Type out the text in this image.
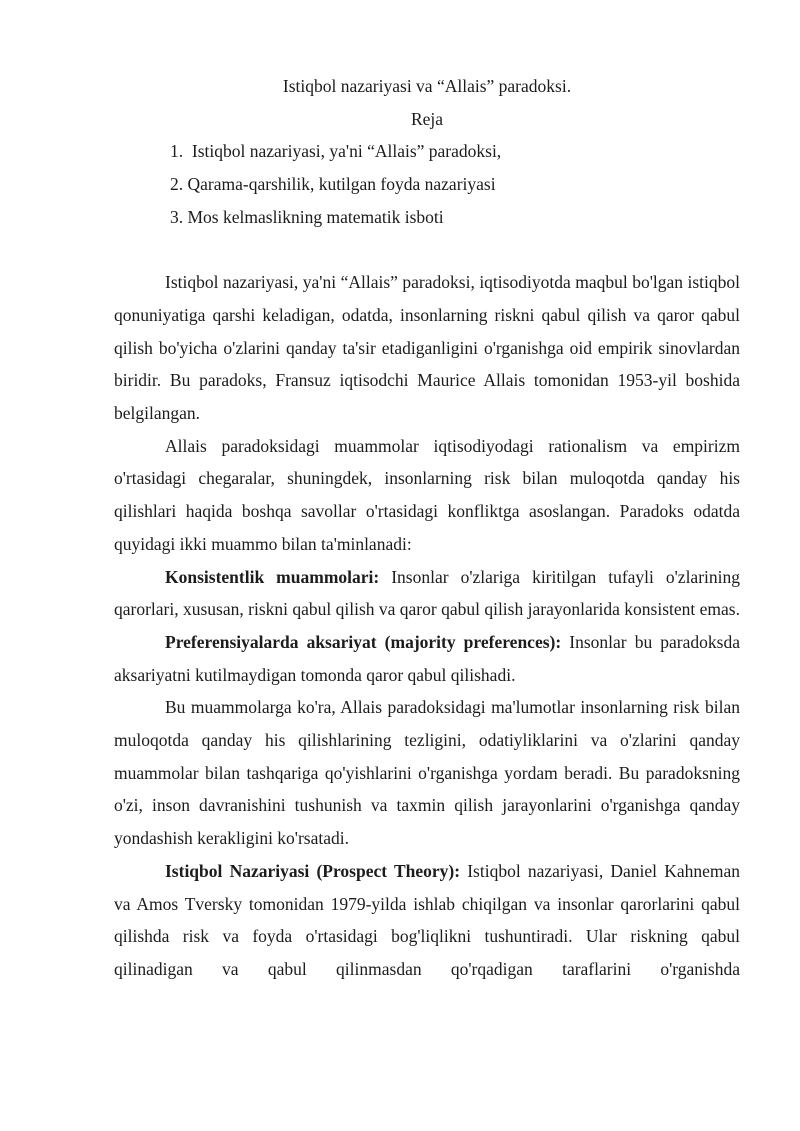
Istiqbol nazariyasi va “Allais” paradoksi.
Reja
1.  Istiqbol nazariyasi, ya'ni “Allais” paradoksi,
2. Qarama-qarshilik, kutilgan foyda nazariyasi
3. Mos kelmaslikning matematik isboti

Istiqbol nazariyasi, ya'ni “Allais” paradoksi, iqtisodiyotda maqbul bo'lgan istiqbol qonuniyatiga qarshi keladigan, odatda, insonlarning riskni qabul qilish va qaror qabul qilish bo'yicha o'zlarini qanday ta'sir etadiganligini o'rganishga oid empirik sinovlardan biridir. Bu paradoks, Fransuz iqtisodchi Maurice Allais tomonidan 1953-yil boshida belgilangan.

Allais paradoksidagi muammolar iqtisodiyodagi rationalism va empirizm o'rtasidagi chegaralar, shuningdek, insonlarning risk bilan muloqotda qanday his qilishlari haqida boshqa savollar o'rtasidagi konfliktga asoslangan. Paradoks odatda quyidagi ikki muammo bilan ta'minlanadi:

Konsistentlik muammolari: Insonlar o'zlariga kiritilgan tufayli o'zlarining qarorlari, xususan, riskni qabul qilish va qaror qabul qilish jarayonlarida konsistent emas.

Preferensiyalarda aksariyat (majority preferences): Insonlar bu paradoksda aksariyatni kutilmaydigan tomonda qaror qabul qilishadi.

Bu muammolarga ko'ra, Allais paradoksidagi ma'lumotlar insonlarning risk bilan muloqotda qanday his qilishlarining tezligini, odatiyliklarini va o'zlarini qanday muammolar bilan tashqariga qo'yishlarini o'rganishga yordam beradi. Bu paradoksning o'zi, inson davranishini tushunish va taxmin qilish jarayonlarini o'rganishga qanday yondashish kerakligini ko'rsatadi.

Istiqbol Nazariyasi (Prospect Theory): Istiqbol nazariyasi, Daniel Kahneman va Amos Tversky tomonidan 1979-yilda ishlab chiqilgan va insonlar qarorlarini qabul qilishda risk va foyda o'rtasidagi bog'liqlikni tushuntiradi. Ular riskning qabul qilinadigan va qabul qilinmasdan qo'rqadigan taraflarini o'rganishda
